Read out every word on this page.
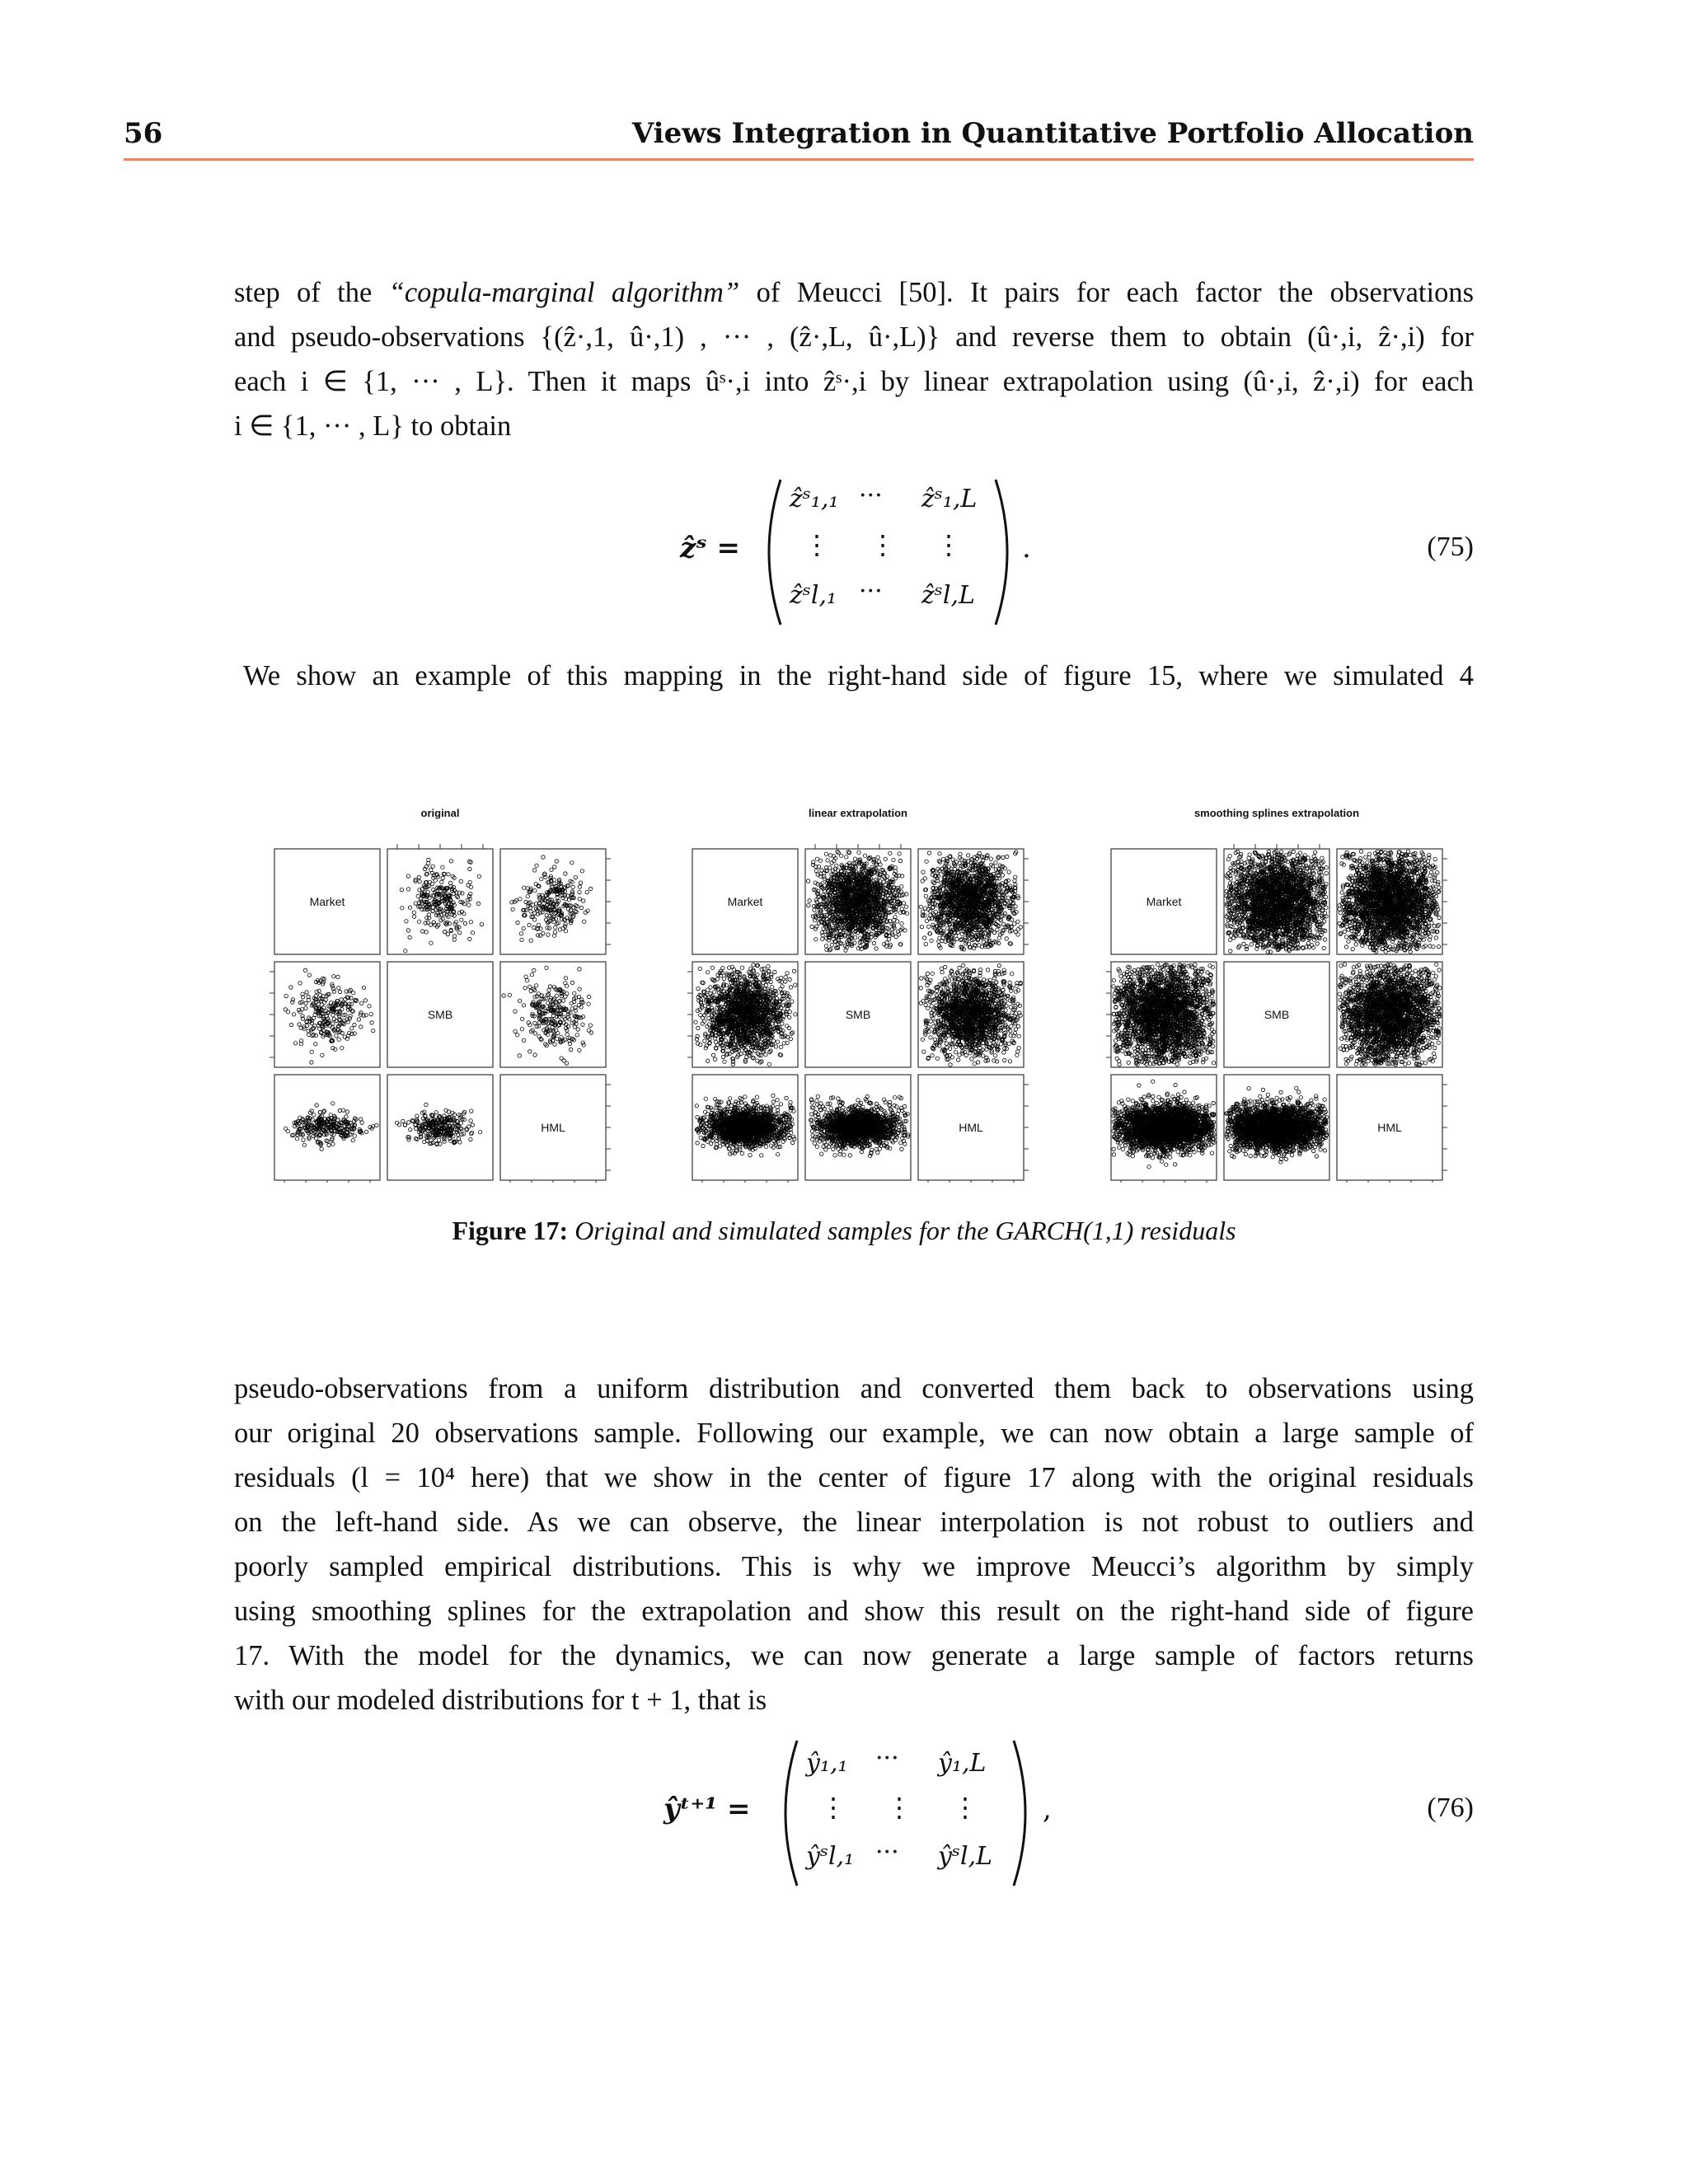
56	Views Integration in Quantitative Portfolio Allocation
step of the “copula-marginal algorithm” of Meucci [50]. It pairs for each factor the observations
and pseudo-observations {(ẑ·,1, û·,1) , ··· , (ẑ·,L, û·,L)} and reverse them to obtain (û·,i, ẑ·,i) for
each i ∈ {1, ··· , L}. Then it maps ûˢ·,i into ẑˢ·,i by linear extrapolation using (û·,i, ẑ·,i) for each
i ∈ {1, ··· , L} to obtain
ẑˢ =
ẑˢ₁,₁ ··· ẑˢ₁,L
⋮ ⋮ ⋮
ẑˢl,₁ ··· ẑˢl,L
.	(75)
We show an example of this mapping in the right-hand side of figure 15, where we simulated 4
original
Market
SMB
HML
linear extrapolation
Market
SMB
HML
smoothing splines extrapolation
Market
SMB
HML
Figure 17: Original and simulated samples for the GARCH(1,1) residuals
pseudo-observations from a uniform distribution and converted them back to observations using
our original 20 observations sample. Following our example, we can now obtain a large sample of
residuals (l = 10⁴ here) that we show in the center of figure 17 along with the original residuals
on the left-hand side. As we can observe, the linear interpolation is not robust to outliers and
poorly sampled empirical distributions. This is why we improve Meucci’s algorithm by simply
using smoothing splines for the extrapolation and show this result on the right-hand side of figure
17. With the model for the dynamics, we can now generate a large sample of factors returns
with our modeled distributions for t + 1, that is
ŷᵗ⁺¹ =
ŷ₁,₁ ··· ŷ₁,L
⋮ ⋮ ⋮
ŷˢl,₁ ··· ŷˢl,L
,	(76)
